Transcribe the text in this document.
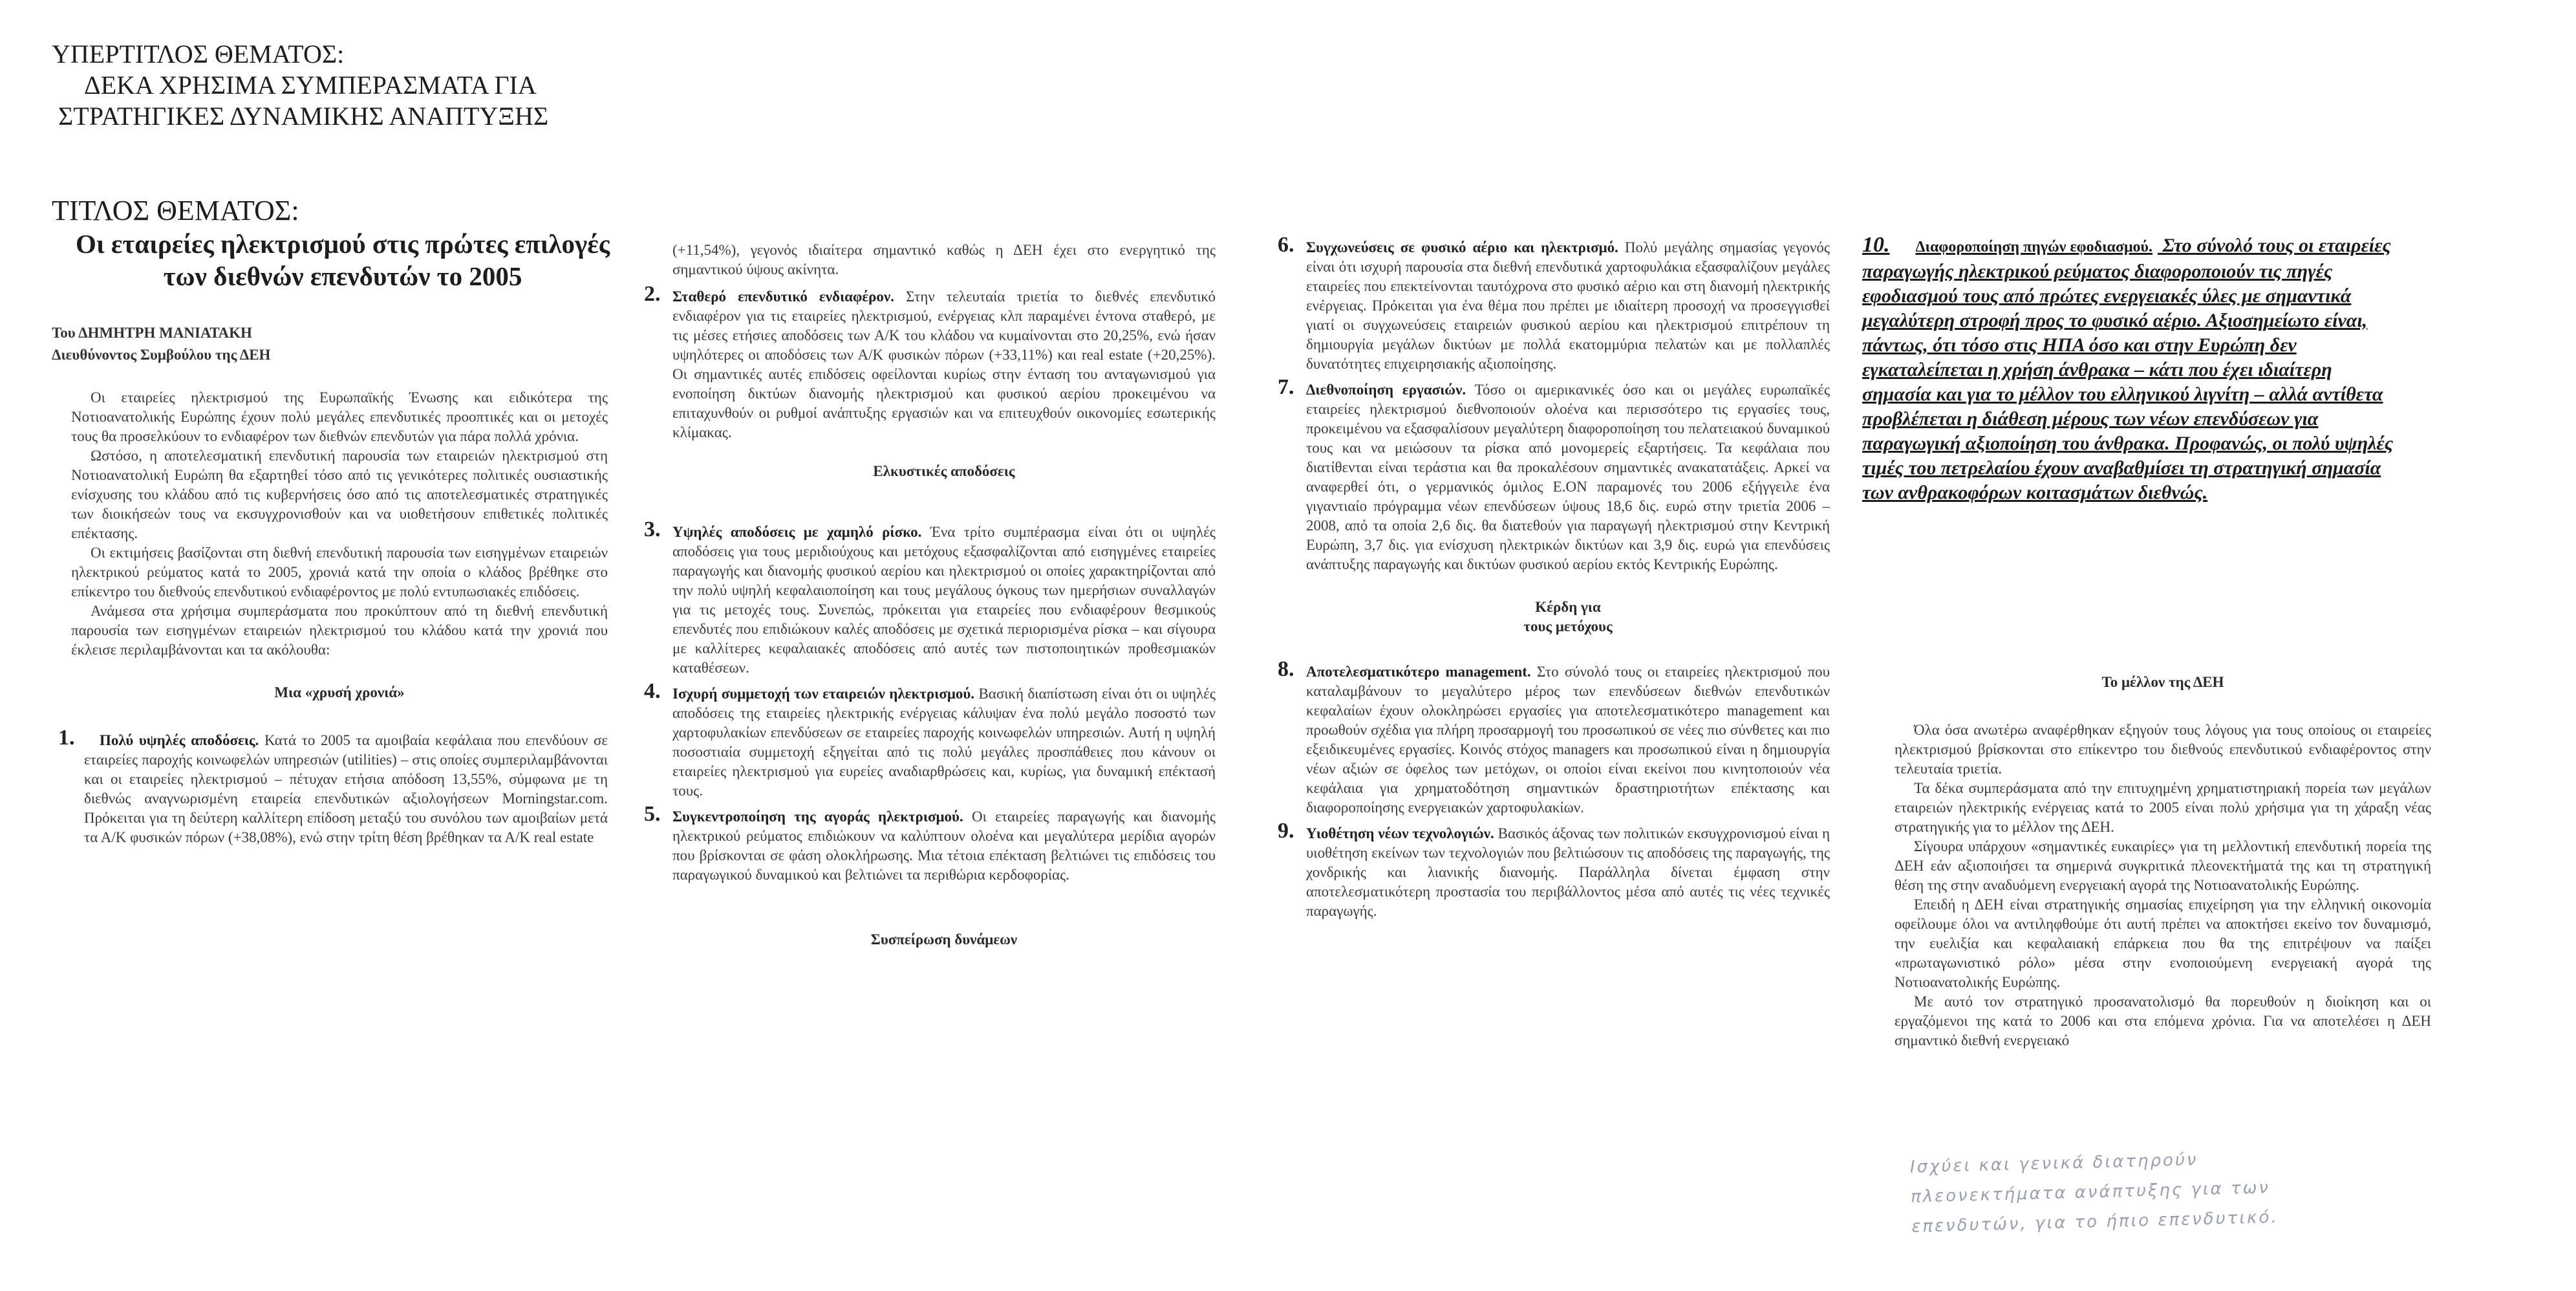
ΥΠΕΡΤΙΤΛΟΣ ΘΕΜΑΤΟΣ:
ΔΕΚΑ ΧΡΗΣΙΜΑ ΣΥΜΠΕΡΑΣΜΑΤΑ ΓΙΑ
ΣΤΡΑΤΗΓΙΚΕΣ ΔΥΝΑΜΙΚΗΣ ΑΝΑΠΤΥΞΗΣ
ΤΙΤΛΟΣ ΘΕΜΑΤΟΣ:
Οι εταιρείες ηλεκτρισμού στις πρώτες επιλογές των διεθνών επενδυτών το 2005
Του ΔΗΜΗΤΡΗ ΜΑΝΙΑΤΑΚΗ
Διευθύνοντος Συμβούλου της ΔΕΗ

Οι εταιρείες ηλεκτρισμού της Ευρωπαϊκής Ένωσης και ειδικότερα της Νοτιοανατολικής Ευρώπης έχουν πολύ μεγάλες επενδυτικές προοπτικές και οι μετοχές τους θα προσελκύουν το ενδιαφέρον των διεθνών επενδυτών για πάρα πολλά χρόνια.

Ωστόσο, η αποτελεσματική επενδυτική παρουσία των εταιρειών ηλεκτρισμού στη Νοτιοανατολική Ευρώπη θα εξαρτηθεί τόσο από τις γενικότερες πολιτικές ουσιαστικής ενίσχυσης του κλάδου από τις κυβερνήσεις όσο από τις αποτελεσματικές στρατηγικές των διοικήσεών τους να εκσυγχρονισθούν και να υιοθετήσουν επιθετικές πολιτικές επέκτασης.

Οι εκτιμήσεις βασίζονται στη διεθνή επενδυτική παρουσία των εισηγμένων εταιρειών ηλεκτρικού ρεύματος κατά το 2005, χρονιά κατά την οποία ο κλάδος βρέθηκε στο επίκεντρο του διεθνούς επενδυτικού ενδιαφέροντος με πολύ εντυπωσιακές επιδόσεις.

Ανάμεσα στα χρήσιμα συμπεράσματα που προκύπτουν από τη διεθνή επενδυτική παρουσία των εισηγμένων εταιρειών ηλεκτρισμού του κλάδου κατά την χρονιά που έκλεισε περιλαμβάνονται και τα ακόλουθα:

Μια «χρυσή χρονιά»
1. Πολύ υψηλές αποδόσεις. Κατά το 2005 τα αμοιβαία κεφάλαια που επενδύουν σε εταιρείες παροχής κοινωφελών υπηρεσιών (utilities) – στις οποίες συμπεριλαμβάνονται και οι εταιρείες ηλεκτρισμού – πέτυχαν ετήσια απόδοση 13,55%, σύμφωνα με τη διεθνώς αναγνωρισμένη εταιρεία επενδυτικών αξιολογήσεων Morningstar.com. Πρόκειται για τη δεύτερη καλλίτερη επίδοση μεταξύ του συνόλου των αμοιβαίων μετά τα Α/Κ φυσικών πόρων (+38,08%), ενώ στην τρίτη θέση βρέθηκαν τα Α/Κ real estate

(+11,54%), γεγονός ιδιαίτερα σημαντικό καθώς η ΔΕΗ έχει στο ενεργητικό της σημαντικού ύψους ακίνητα.

2. Σταθερό επενδυτικό ενδιαφέρον. Στην τελευταία τριετία το διεθνές επενδυτικό ενδιαφέρον για τις εταιρείες ηλεκτρισμού, ενέργειας κλπ παραμένει έντονα σταθερό, με τις μέσες ετήσιες αποδόσεις των Α/Κ του κλάδου να κυμαίνονται στο 20,25%, ενώ ήσαν υψηλότερες οι αποδόσεις των Α/Κ φυσικών πόρων (+33,11%) και real estate (+20,25%). Οι σημαντικές αυτές επιδόσεις οφείλονται κυρίως στην ένταση του ανταγωνισμού για ενοποίηση δικτύων διανομής ηλεκτρισμού και φυσικού αερίου προκειμένου να επιταχυνθούν οι ρυθμοί ανάπτυξης εργασιών και να επιτευχθούν οικονομίες εσωτερικής κλίμακας.
Ελκυστικές αποδόσεις
3. Υψηλές αποδόσεις με χαμηλό ρίσκο. Ένα τρίτο συμπέρασμα είναι ότι οι υψηλές αποδόσεις για τους μεριδιούχους και μετόχους εξασφαλίζονται από εισηγμένες εταιρείες παραγωγής και διανομής φυσικού αερίου και ηλεκτρισμού οι οποίες χαρακτηρίζονται από την πολύ υψηλή κεφαλαιοποίηση και τους μεγάλους όγκους των ημερήσιων συναλλαγών για τις μετοχές τους. Συνεπώς, πρόκειται για εταιρείες που ενδιαφέρουν θεσμικούς επενδυτές που επιδιώκουν καλές αποδόσεις με σχετικά περιορισμένα ρίσκα – και σίγουρα με καλλίτερες κεφαλαιακές αποδόσεις από αυτές των πιστοποιητικών προθεσμιακών καταθέσεων.
4. Ισχυρή συμμετοχή των εταιρειών ηλεκτρισμού. Βασική διαπίστωση είναι ότι οι υψηλές αποδόσεις της εταιρείες ηλεκτρικής ενέργειας κάλυψαν ένα πολύ μεγάλο ποσοστό των χαρτοφυλακίων επενδύσεων σε εταιρείες παροχής κοινωφελών υπηρεσιών. Αυτή η υψηλή ποσοστιαία συμμετοχή εξηγείται από τις πολύ μεγάλες προσπάθειες που κάνουν οι εταιρείες ηλεκτρισμού για ευρείες αναδιαρθρώσεις και, κυρίως, για δυναμική επέκτασή τους.
5. Συγκεντροποίηση της αγοράς ηλεκτρισμού. Οι εταιρείες παραγωγής και διανομής ηλεκτρικού ρεύματος επιδιώκουν να καλύπτουν ολοένα και μεγαλύτερα μερίδια αγορών που βρίσκονται σε φάση ολοκλήρωσης. Μια τέτοια επέκταση βελτιώνει τις επιδόσεις του παραγωγικού δυναμικού και βελτιώνει τα περιθώρια κερδοφορίας.
Συσπείρωση δυνάμεων
6. Συγχωνεύσεις σε φυσικό αέριο και ηλεκτρισμό. Πολύ μεγάλης σημασίας γεγονός είναι ότι ισχυρή παρουσία στα διεθνή επενδυτικά χαρτοφυλάκια εξασφαλίζουν μεγάλες εταιρείες που επεκτείνονται ταυτόχρονα στο φυσικό αέριο και στη διανομή ηλεκτρικής ενέργειας. Πρόκειται για ένα θέμα που πρέπει με ιδιαίτερη προσοχή να προσεγγισθεί γιατί οι συγχωνεύσεις εταιρειών φυσικού αερίου και ηλεκτρισμού επιτρέπουν τη δημιουργία μεγάλων δικτύων με πολλά εκατομμύρια πελατών και με πολλαπλές δυνατότητες επιχειρησιακής αξιοποίησης.
7. Διεθνοποίηση εργασιών. Τόσο οι αμερικανικές όσο και οι μεγάλες ευρωπαϊκές εταιρείες ηλεκτρισμού διεθνοποιούν ολοένα και περισσότερο τις εργασίες τους, προκειμένου να εξασφαλίσουν μεγαλύτερη διαφοροποίηση του πελατειακού δυναμικού τους και να μειώσουν τα ρίσκα από μονομερείς εξαρτήσεις. Τα κεφάλαια που διατίθενται είναι τεράστια και θα προκαλέσουν σημαντικές ανακατατάξεις. Αρκεί να αναφερθεί ότι, ο γερμανικός όμιλος E.ON παραμονές του 2006 εξήγγειλε ένα γιγαντιαίο πρόγραμμα νέων επενδύσεων ύψους 18,6 δις. ευρώ στην τριετία 2006 – 2008, από τα οποία 2,6 δις. θα διατεθούν για παραγωγή ηλεκτρισμού στην Κεντρική Ευρώπη, 3,7 δις. για ενίσχυση ηλεκτρικών δικτύων και 3,9 δις. ευρώ για επενδύσεις ανάπτυξης παραγωγής και δικτύων φυσικού αερίου εκτός Κεντρικής Ευρώπης.
Κέρδη για
τους μετόχους
8. Αποτελεσματικότερο management. Στο σύνολό τους οι εταιρείες ηλεκτρισμού που καταλαμβάνουν το μεγαλύτερο μέρος των επενδύσεων διεθνών επενδυτικών κεφαλαίων έχουν ολοκληρώσει εργασίες για αποτελεσματικότερο management και προωθούν σχέδια για πλήρη προσαρμογή του προσωπικού σε νέες πιο σύνθετες και πιο εξειδικευμένες εργασίες. Κοινός στόχος managers και προσωπικού είναι η δημιουργία νέων αξιών σε όφελος των μετόχων, οι οποίοι είναι εκείνοι που κινητοποιούν νέα κεφάλαια για χρηματοδότηση σημαντικών δραστηριοτήτων επέκτασης και διαφοροποίησης ενεργειακών χαρτοφυλακίων.
9. Υιοθέτηση νέων τεχνολογιών. Βασικός άξονας των πολιτικών εκσυγχρονισμού είναι η υιοθέτηση εκείνων των τεχνολογιών που βελτιώσουν τις αποδόσεις της παραγωγής, της χονδρικής και λιανικής διανομής. Παράλληλα δίνεται έμφαση στην αποτελεσματικότερη προστασία του περιβάλλοντος μέσα από αυτές τις νέες τεχνικές παραγωγής.
10. Διαφοροποίηση πηγών εφοδιασμού. Στο σύνολό τους οι εταιρείες παραγωγής ηλεκτρικού ρεύματος διαφοροποιούν τις πηγές εφοδιασμού τους από πρώτες ενεργειακές ύλες με σημαντικά μεγαλύτερη στροφή προς το φυσικό αέριο. Αξιοσημείωτο είναι, πάντως, ότι τόσο στις ΗΠΑ όσο και στην Ευρώπη δεν εγκαταλείπεται η χρήση άνθρακα – κάτι που έχει ιδιαίτερη σημασία και για το μέλλον του ελληνικού λιγνίτη – αλλά αντίθετα προβλέπεται η διάθεση μέρους των νέων επενδύσεων για παραγωγική αξιοποίηση του άνθρακα. Προφανώς, οι πολύ υψηλές τιμές του πετρελαίου έχουν αναβαθμίσει τη στρατηγική σημασία των ανθρακοφόρων κοιτασμάτων διεθνώς.
Το μέλλον της ΔΕΗ

Όλα όσα ανωτέρω αναφέρθηκαν εξηγούν τους λόγους για τους οποίους οι εταιρείες ηλεκτρισμού βρίσκονται στο επίκεντρο του διεθνούς επενδυτικού ενδιαφέροντος στην τελευταία τριετία.

Τα δέκα συμπεράσματα από την επιτυχημένη χρηματιστηριακή πορεία των μεγάλων εταιρειών ηλεκτρικής ενέργειας κατά το 2005 είναι πολύ χρήσιμα για τη χάραξη νέας στρατηγικής για το μέλλον της ΔΕΗ.

Σίγουρα υπάρχουν «σημαντικές ευκαιρίες» για τη μελλοντική επενδυτική πορεία της ΔΕΗ εάν αξιοποιήσει τα σημερινά συγκριτικά πλεονεκτήματά της και τη στρατηγική θέση της στην αναδυόμενη ενεργειακή αγορά της Νοτιοανατολικής Ευρώπης.

Επειδή η ΔΕΗ είναι στρατηγικής σημασίας επιχείρηση για την ελληνική οικονομία οφείλουμε όλοι να αντιληφθούμε ότι αυτή πρέπει να αποκτήσει εκείνο τον δυναμισμό, την ευελιξία και κεφαλαιακή επάρκεια που θα της επιτρέψουν να παίξει «πρωταγωνιστικό ρόλο» μέσα στην ενοποιούμενη ενεργειακή αγορά της Νοτιοανατολικής Ευρώπης.

Με αυτό τον στρατηγικό προσανατολισμό θα πορευθούν η διοίκηση και οι εργαζόμενοι της κατά το 2006 και στα επόμενα χρόνια. Για να αποτελέσει η ΔΕΗ σημαντικό διεθνή ενεργειακό

Ισχύει και γενικά διατηρούν
πλεονεκτήματα ανάπτυξης για των
επενδυτών, για το ήπιο επενδυτικό.
